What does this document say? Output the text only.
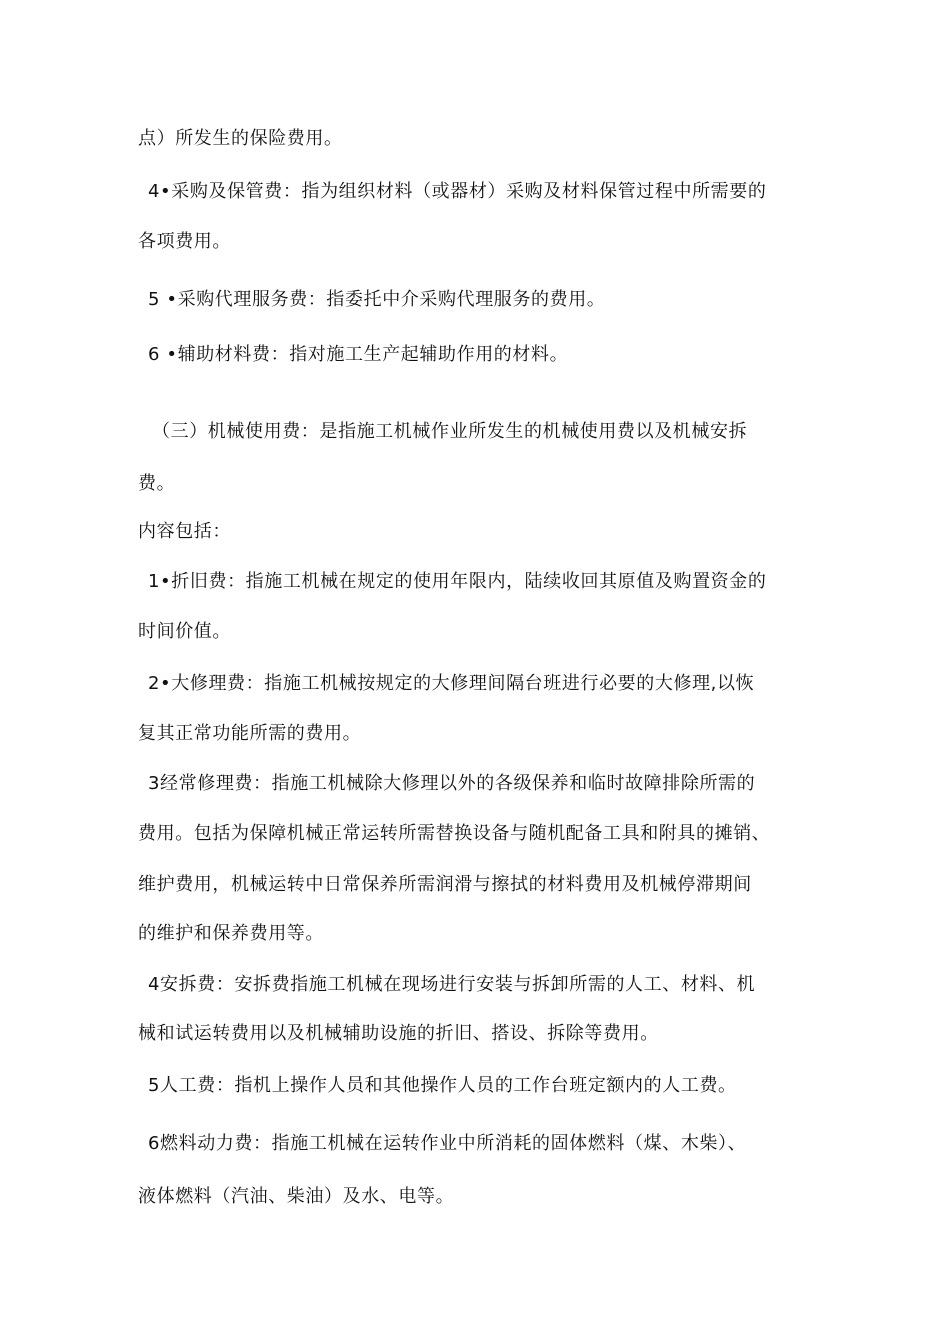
点）所发生的保险费用。
4•采购及保管费：指为组织材料（或器材）采购及材料保管过程中所需要的
各项费用。
5 •采购代理服务费：指委托中介采购代理服务的费用。
6 •辅助材料费：指对施工生产起辅助作用的材料。
（三）机械使用费：是指施工机械作业所发生的机械使用费以及机械安拆
费。
内容包括：
1•折旧费：指施工机械在规定的使用年限内，陆续收回其原值及购置资金的
时间价值。
2•大修理费：指施工机械按规定的大修理间隔台班进行必要的大修理,以恢
复其正常功能所需的费用。
3经常修理费：指施工机械除大修理以外的各级保养和临时故障排除所需的
费用。包括为保障机械正常运转所需替换设备与随机配备工具和附具的摊销、
维护费用，机械运转中日常保养所需润滑与擦拭的材料费用及机械停滞期间
的维护和保养费用等。
4安拆费：安拆费指施工机械在现场进行安装与拆卸所需的人工、材料、机
械和试运转费用以及机械辅助设施的折旧、搭设、拆除等费用。
5人工费：指机上操作人员和其他操作人员的工作台班定额内的人工费。
6燃料动力费：指施工机械在运转作业中所消耗的固体燃料（煤、木柴）、
液体燃料（汽油、柴油）及水、电等。
